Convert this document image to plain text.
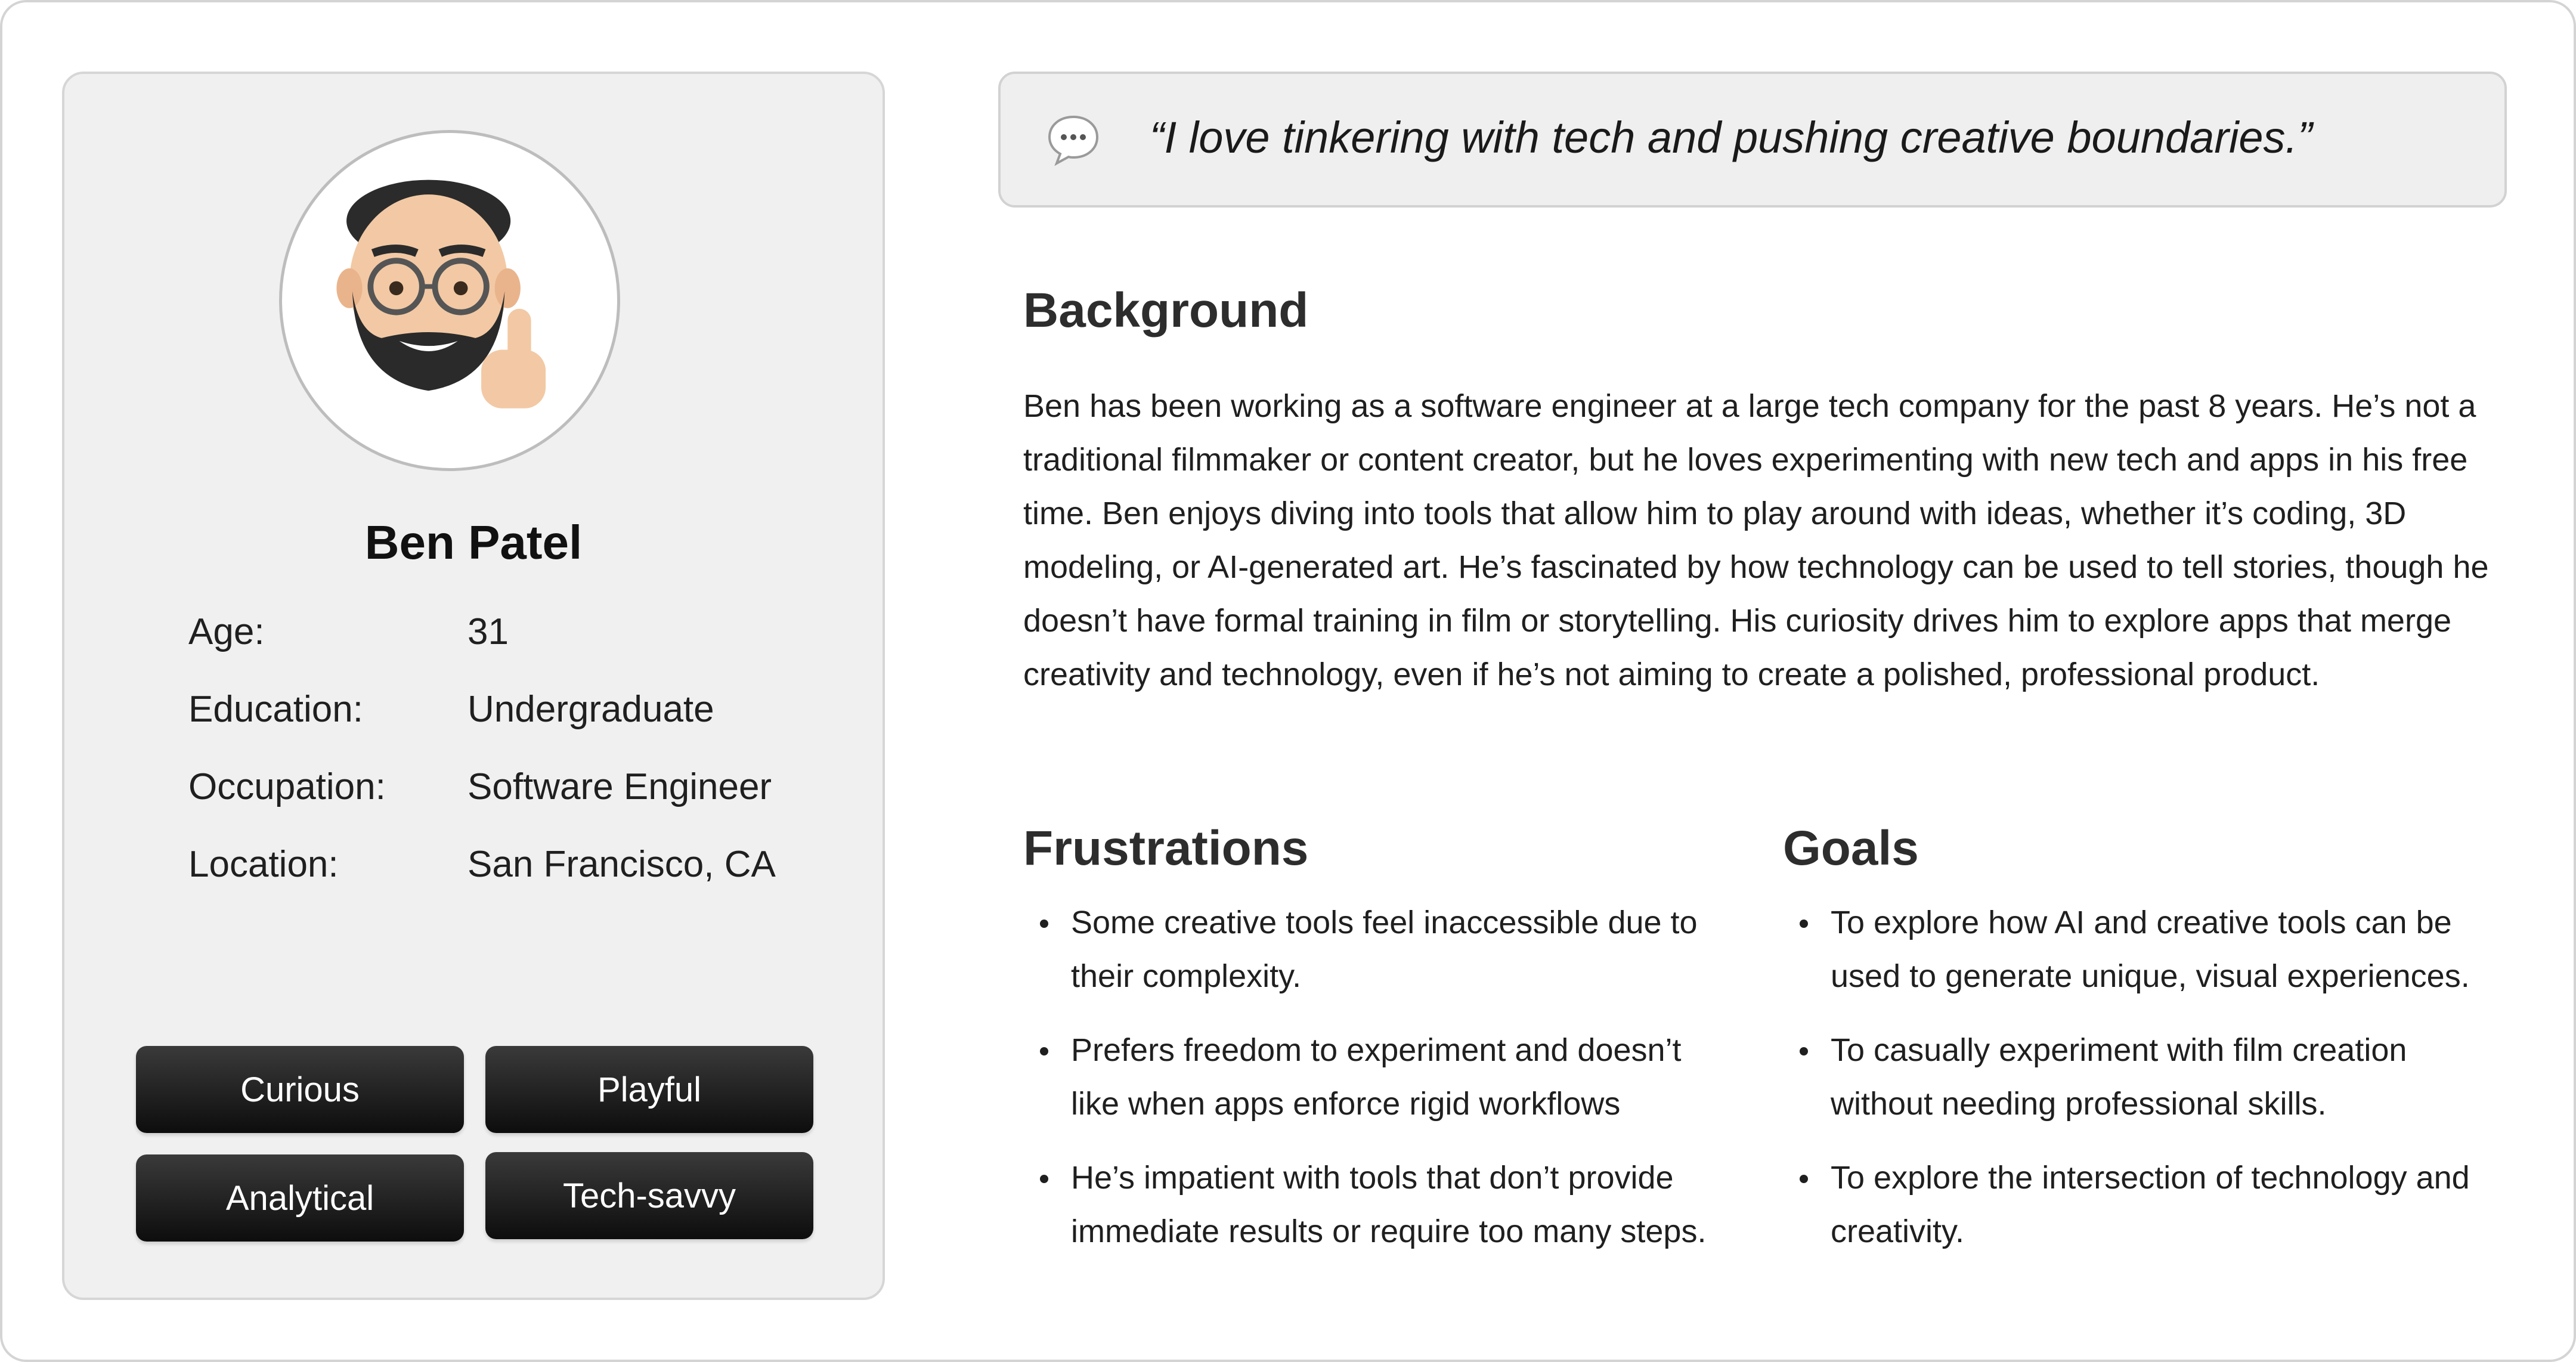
Ben Patel
Age:	31
Education:	Undergraduate
Occupation: Software Engineer
Location:	San Francisco, CA
Curious	Playful
Analytical	Tech-savvy
“I love tinkering with tech and pushing creative boundaries.”
Background

Ben has been working as a software engineer at a large tech company for the past 8 years. He’s not a traditional filmmaker or content creator, but he loves experimenting with new tech and apps in his free time. Ben enjoys diving into tools that allow him to play around with ideas, whether it’s coding, 3D modeling, or AI-generated art. He’s fascinated by how technology can be used to tell stories, though he doesn’t have formal training in film or storytelling. His curiosity drives him to explore apps that merge creativity and technology, even if he’s not aiming to create a polished, professional product.

Frustrations
Some creative tools feel inaccessible due to their complexity.
Prefers freedom to experiment and doesn’t like when apps enforce rigid workflows
He’s impatient with tools that don’t provide immediate results or require too many steps.
Goals
To explore how AI and creative tools can be used to generate unique, visual experiences.
To casually experiment with film creation without needing professional skills.
To explore the intersection of technology and creativity.
